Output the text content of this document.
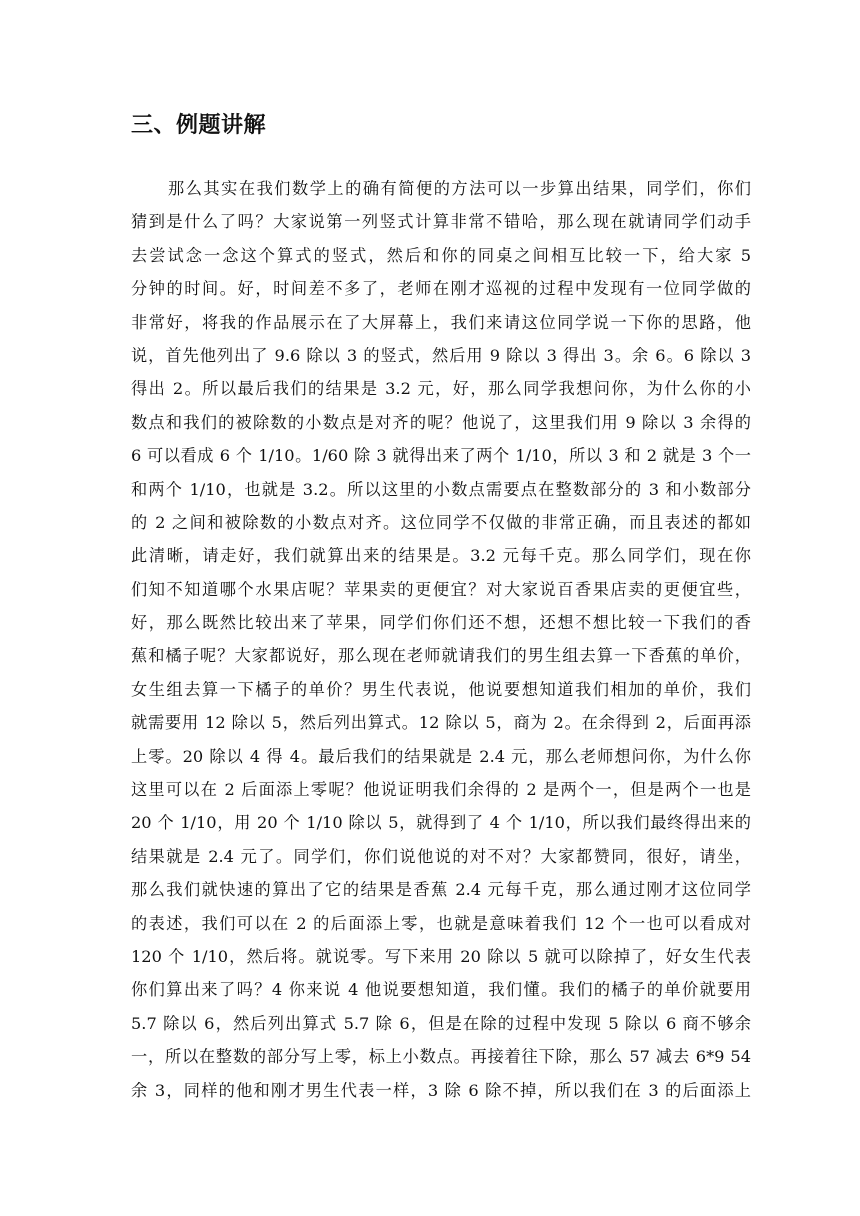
三、例题讲解
那么其实在我们数学上的确有简便的方法可以一步算出结果，同学们，你们
猜到是什么了吗？大家说第一列竖式计算非常不错哈，那么现在就请同学们动手
去尝试念一念这个算式的竖式，然后和你的同桌之间相互比较一下，给大家 5
分钟的时间。好，时间差不多了，老师在刚才巡视的过程中发现有一位同学做的
非常好，将我的作品展示在了大屏幕上，我们来请这位同学说一下你的思路，他
说，首先他列出了 9.6 除以 3 的竖式，然后用 9 除以 3 得出 3。余 6。6 除以 3
得出 2。所以最后我们的结果是 3.2 元，好，那么同学我想问你，为什么你的小
数点和我们的被除数的小数点是对齐的呢？他说了，这里我们用 9 除以 3 余得的
6 可以看成 6 个 1/10。1/60 除 3 就得出来了两个 1/10，所以 3 和 2 就是 3 个一
和两个 1/10，也就是 3.2。所以这里的小数点需要点在整数部分的 3 和小数部分
的 2 之间和被除数的小数点对齐。这位同学不仅做的非常正确，而且表述的都如
此清晰，请走好，我们就算出来的结果是。3.2 元每千克。那么同学们，现在你
们知不知道哪个水果店呢？苹果卖的更便宜？对大家说百香果店卖的更便宜些，
好，那么既然比较出来了苹果，同学们你们还不想，还想不想比较一下我们的香
蕉和橘子呢？大家都说好，那么现在老师就请我们的男生组去算一下香蕉的单价，
女生组去算一下橘子的单价？男生代表说，他说要想知道我们相加的单价，我们
就需要用 12 除以 5，然后列出算式。12 除以 5，商为 2。在余得到 2，后面再添
上零。20 除以 4 得 4。最后我们的结果就是 2.4 元，那么老师想问你，为什么你
这里可以在 2 后面添上零呢？他说证明我们余得的 2 是两个一，但是两个一也是
20 个 1/10，用 20 个 1/10 除以 5，就得到了 4 个 1/10，所以我们最终得出来的
结果就是 2.4 元了。同学们，你们说他说的对不对？大家都赞同，很好，请坐，
那么我们就快速的算出了它的结果是香蕉 2.4 元每千克，那么通过刚才这位同学
的表述，我们可以在 2 的后面添上零，也就是意味着我们 12 个一也可以看成对
120 个 1/10，然后将。就说零。写下来用 20 除以 5 就可以除掉了，好女生代表
你们算出来了吗？4 你来说 4 他说要想知道，我们懂。我们的橘子的单价就要用
5.7 除以 6，然后列出算式 5.7 除 6，但是在除的过程中发现 5 除以 6 商不够余
一，所以在整数的部分写上零，标上小数点。再接着往下除，那么 57 减去 6*9 54
余 3，同样的他和刚才男生代表一样，3 除 6 除不掉，所以我们在 3 的后面添上
